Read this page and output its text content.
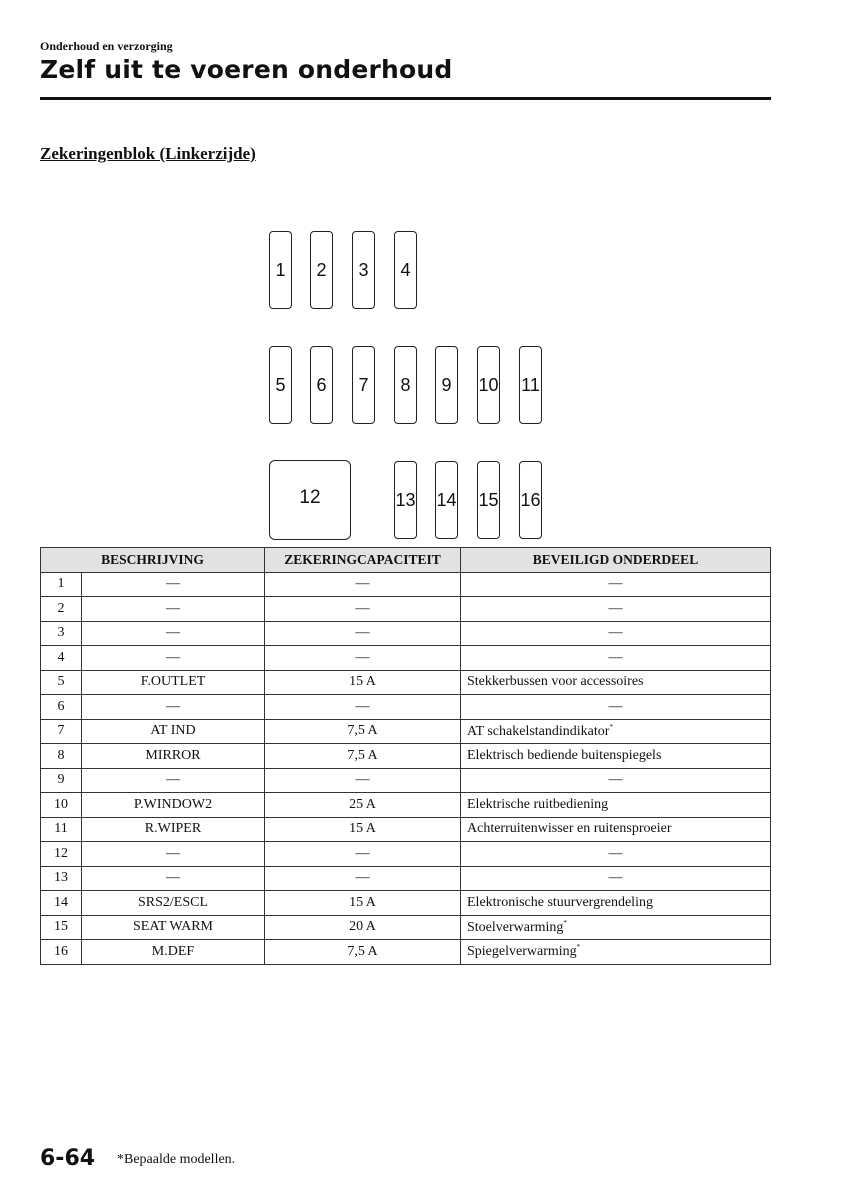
Onderhoud en verzorging
Zelf uit te voeren onderhoud
Zekeringenblok (Linkerzijde)
1	2	3	4
5	6	7	8	9	10 11
12	13 14 15 16
BESCHRIJVING		ZEKERINGCAPACITEIT	BEVEILIGD ONDERDEEL
1	—	—	—
2	—	—	—
3	—	—	—
4	—	—	—
5	F.OUTLET	15 A	Stekkerbussen voor accessoires
6	—	—	—
7	AT IND	7,5 A	AT schakelstandindikator*
8	MIRROR	7,5 A	Elektrisch bediende buitenspiegels
9	—	—	—
10	P.WINDOW2	25 A	Elektrische ruitbediening
11	R.WIPER	15 A	Achterruitenwisser en ruitensproeier
12	—	—	—
13	—	—	—
14	SRS2/ESCL	15 A	Elektronische stuurvergrendeling
15	SEAT WARM	20 A	Stoelverwarming*
16	M.DEF	7,5 A	Spiegelverwarming*
6-64 *Bepaalde modellen.
